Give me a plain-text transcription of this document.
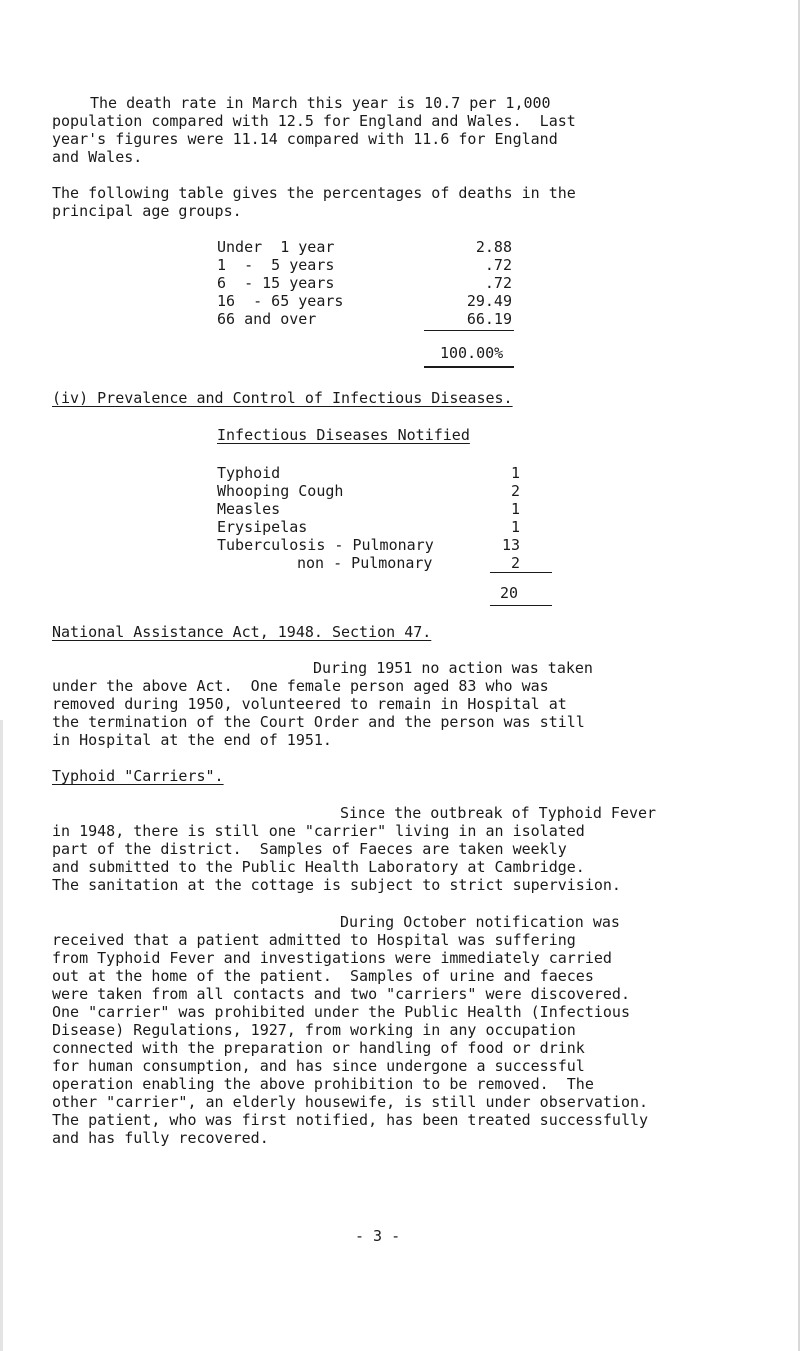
The death rate in March this year is 10.7 per 1,000
population compared with 12.5 for England and Wales.  Last
year's figures were 11.14 compared with 11.6 for England
and Wales.
The following table gives the percentages of deaths in the
principal age groups.
Under  1 year	2.88
1  -  5 years	.72
6  - 15 years	.72
16  - 65 years	29.49
66 and over	66.19
100.00%
(iv) Prevalence and Control of Infectious Diseases.
Infectious Diseases Notified
Typhoid	1
Whooping Cough	2
Measles	1
Erysipelas	1
Tuberculosis - Pulmonary	13
non - Pulmonary	2
20
National Assistance Act, 1948. Section 47.
During 1951 no action was taken
under the above Act.  One female person aged 83 who was
removed during 1950, volunteered to remain in Hospital at
the termination of the Court Order and the person was still
in Hospital at the end of 1951.
Typhoid "Carriers".
Since the outbreak of Typhoid Fever
in 1948, there is still one "carrier" living in an isolated
part of the district.  Samples of Faeces are taken weekly
and submitted to the Public Health Laboratory at Cambridge.
The sanitation at the cottage is subject to strict supervision.
During October notification was
received that a patient admitted to Hospital was suffering
from Typhoid Fever and investigations were immediately carried
out at the home of the patient.  Samples of urine and faeces
were taken from all contacts and two "carriers" were discovered.
One "carrier" was prohibited under the Public Health (Infectious
Disease) Regulations, 1927, from working in any occupation
connected with the preparation or handling of food or drink
for human consumption, and has since undergone a successful
operation enabling the above prohibition to be removed.  The
other "carrier", an elderly housewife, is still under observation.
The patient, who was first notified, has been treated successfully
and has fully recovered.
- 3 -
